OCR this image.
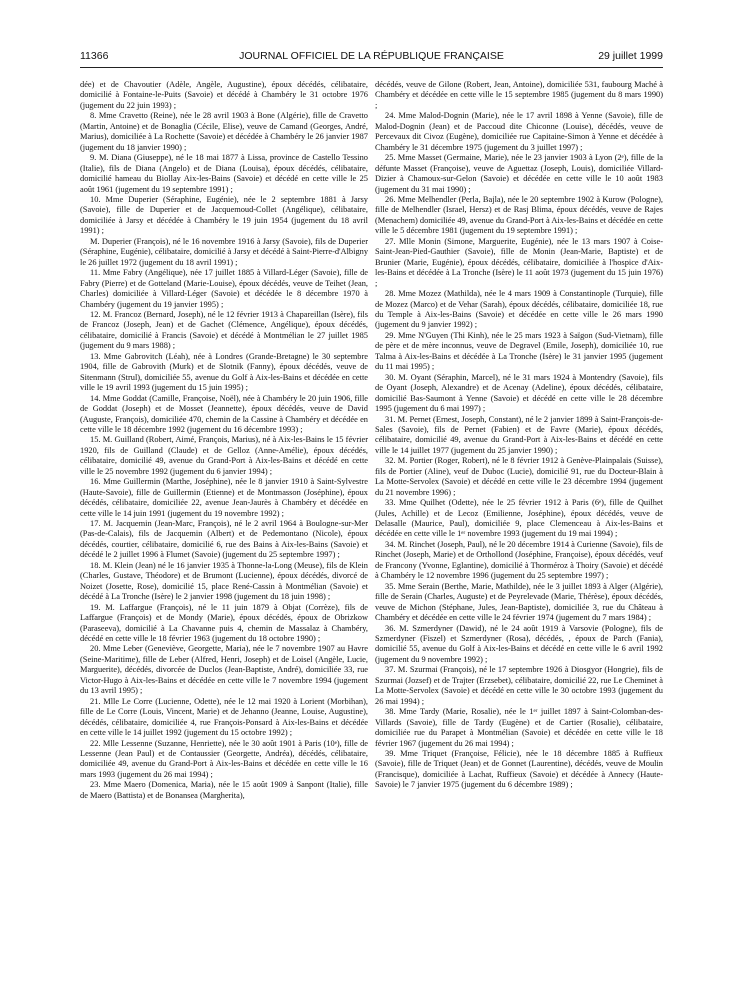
11366	JOURNAL OFFICIEL DE LA RÉPUBLIQUE FRANÇAISE	29 juillet 1999

dée) et de Chavoutier (Adèle, Angèle, Augustine), époux décédés, célibataire, domicilié à Fontaine-le-Puits (Savoie) et décédé à Chambéry le 31 octobre 1976 (jugement du 22 juin 1993) ;

8. Mme Cravetto (Reine), née le 28 avril 1903 à Bone (Algérie), fille de Cravetto (Martin, Antoine) et de Bonaglia (Cécile, Elise), veuve de Camand (Georges, André, Marius), domiciliée à La Rochette (Savoie) et décédée à Chambéry le 26 janvier 1987 (jugement du 18 janvier 1990) ;

9. M. Diana (Giuseppe), né le 18 mai 1877 à Lissa, province de Castello Tessino (Italie), fils de Diana (Angelo) et de Diana (Louisa), époux décédés, célibataire, domicilié hameau du Biollay Aix-les-Bains (Savoie) et décédé en cette ville le 25 août 1961 (jugement du 19 septembre 1991) ;

10. Mme Duperier (Séraphine, Eugénie), née le 2 septembre 1881 à Jarsy (Savoie), fille de Duperier et de Jacquemoud-Collet (Angélique), célibataire, domiciliée à Jarsy et décédée à Chambéry le 19 juin 1954 (jugement du 18 avril 1991) ;

M. Duperier (François), né le 16 novembre 1916 à Jarsy (Savoie), fils de Duperier (Séraphine, Eugénie), célibataire, domicilié à Jarsy et décédé à Saint-Pierre-d'Albigny le 26 juillet 1972 (jugement du 18 avril 1991) ;

11. Mme Fabry (Angélique), née 17 juillet 1885 à Villard-Léger (Savoie), fille de Fabry (Pierre) et de Gotteland (Marie-Louise), époux décédés, veuve de Teihet (Jean, Charles) domiciliée à Villard-Léger (Savoie) et décédée le 8 décembre 1970 à Chambéry (jugement du 19 janvier 1995) ;

12. M. Francoz (Bernard, Joseph), né le 12 février 1913 à Chapareillan (Isère), fils de Francoz (Joseph, Jean) et de Gachet (Clémence, Angélique), époux décédés, célibataire, domicilié à Francis (Savoie) et décédé à Montmélian le 27 juillet 1985 (jugement du 9 mars 1988) ;

13. Mme Gabrovitch (Léah), née à Londres (Grande-Bretagne) le 30 septembre 1904, fille de Gabrovith (Murk) et de Slotnik (Fanny), époux décédés, veuve de Sitenmann (Strul), domiciliée 55, avenue du Golf à Aix-les-Bains et décédée en cette ville le 19 avril 1993 (jugement du 15 juin 1995) ;

14. Mme Goddat (Camille, Françoise, Noël), née à Chambéry le 20 juin 1906, fille de Goddat (Joseph) et de Mosset (Jeannette), époux décédés, veuve de David (Auguste, François), domiciliée 470, chemin de la Cassine à Chambéry et décédée en cette ville le 18 décembre 1992 (jugement du 16 décembre 1993) ;

15. M. Guilland (Robert, Aimé, François, Marius), né à Aix-les-Bains le 15 février 1920, fils de Guilland (Claude) et de Gelloz (Anne-Amélie), époux décédés, célibataire, domicilié 49, avenue du Grand-Port à Aix-les-Bains et décédé en cette ville le 25 novembre 1992 (jugement du 6 janvier 1994) ;

16. Mme Guillermin (Marthe, Joséphine), née le 8 janvier 1910 à Saint-Sylvestre (Haute-Savoie), fille de Guillermin (Etienne) et de Montmasson (Joséphine), époux décédés, célibataire, domiciliée 22, avenue Jean-Jaurès à Chambéry et décédée en cette ville le 14 juin 1991 (jugement du 19 novembre 1992) ;

17. M. Jacquemin (Jean-Marc, François), né le 2 avril 1964 à Boulogne-sur-Mer (Pas-de-Calais), fils de Jacquemin (Albert) et de Pedemontano (Nicole), époux décédés, courtier, célibataire, domicilié 6, rue des Bains à Aix-les-Bains (Savoie) et décédé le 2 juillet 1996 à Flumet (Savoie) (jugement du 25 septembre 1997) ;

18. M. Klein (Jean) né le 16 janvier 1935 à Thonne-la-Long (Meuse), fils de Klein (Charles, Gustave, Théodore) et de Brumont (Lucienne), époux décédés, divorcé de Noizet (Josette, Rose), domicilié 15, place René-Cassin à Montmélian (Savoie) et décédé à La Tronche (Isère) le 2 janvier 1998 (jugement du 18 juin 1998) ;

19. M. Laffargue (François), né le 11 juin 1879 à Objat (Corrèze), fils de Laffargue (François) et de Mondy (Marie), époux décédés, époux de Obrizkow (Paraseeva), domicilié à La Chavanne puis 4, chemin de Massalaz à Chambéry, décédé en cette ville le 18 février 1963 (jugement du 18 octobre 1990) ;

20. Mme Leber (Geneviève, Georgette, Maria), née le 7 novembre 1907 au Havre (Seine-Maritime), fille de Leber (Alfred, Henri, Joseph) et de Loisel (Angèle, Lucie, Marguerite), décédés, divorcée de Duclos (Jean-Baptiste, André), domiciliée 33, rue Victor-Hugo à Aix-les-Bains et décédée en cette ville le 7 novembre 1994 (jugement du 13 avril 1995) ;

21. Mlle Le Corre (Lucienne, Odette), née le 12 mai 1920 à Lorient (Morbihan), fille de Le Corre (Louis, Vincent, Marie) et de Jehanno (Jeanne, Louise, Augustine), décédés, célibataire, domiciliée 4, rue François-Ponsard à Aix-les-Bains et décédée en cette ville le 14 juillet 1992 (jugement du 15 octobre 1992) ;

22. Mlle Lessenne (Suzanne, Henriette), née le 30 août 1901 à Paris (10ᵉ), fille de Lessenne (Jean Paul) et de Contaussier (Georgette, Andréa), décédés, célibataire, domiciliée 49, avenue du Grand-Port à Aix-les-Bains et décédée en cette ville le 16 mars 1993 (jugement du 26 mai 1994) ;

23. Mme Maero (Domenica, Maria), née le 15 août 1909 à Sanpont (Italie), fille de Maero (Battista) et de Bonansea (Margherita),

décédés, veuve de Gilone (Robert, Jean, Antoine), domiciliée 531, faubourg Maché à Chambéry et décédée en cette ville le 15 septembre 1985 (jugement du 8 mars 1990) ;

24. Mme Malod-Dognin (Marie), née le 17 avril 1898 à Yenne (Savoie), fille de Malod-Dognin (Jean) et de Paccoud dite Chiconne (Louise), décédés, veuve de Percevaux dit Civoz (Eugène), domiciliée rue Capitaine-Simon à Yenne et décédée à Chambéry le 31 décembre 1975 (jugement du 3 juillet 1997) ;

25. Mme Masset (Germaine, Marie), née le 23 janvier 1903 à Lyon (2ᵉ), fille de la défunte Masset (Françoise), veuve de Aguettaz (Joseph, Louis), domiciliée Villard-Dizier à Chamoux-sur-Gelon (Savoie) et décédée en cette ville le 10 août 1983 (jugement du 31 mai 1990) ;

26. Mme Melhendler (Perla, Bajla), née le 20 septembre 1902 à Kurow (Pologne), fille de Melhendler (Israel, Hersz) et de Rasj Blima, époux décédés, veuve de Rajes (Menachem) domiciliée 49, avenue du Grand-Port à Aix-les-Bains et décédée en cette ville le 5 décembre 1981 (jugement du 19 septembre 1991) ;

27. Mlle Monin (Simone, Marguerite, Eugénie), née le 13 mars 1907 à Coise-Saint-Jean-Pied-Gauthier (Savoie), fille de Monin (Jean-Marie, Baptiste) et de Brunier (Marie, Eugénie), époux décédés, célibataire, domiciliée à l'hospice d'Aix-les-Bains et décédée à La Tronche (Isère) le 11 août 1973 (jugement du 15 juin 1976) ;

28. Mme Mozez (Mathilda), née le 4 mars 1909 à Constantinople (Turquie), fille de Mozez (Marco) et de Vehar (Sarah), époux décédés, célibataire, domiciliée 18, rue du Temple à Aix-les-Bains (Savoie) et décédée en cette ville le 26 mars 1990 (jugement du 9 janvier 1992) ;

29. Mme N'Guyen (Thi Kinh), née le 25 mars 1923 à Saïgon (Sud-Vietnam), fille de père et de mère inconnus, veuve de Degravel (Emile, Joseph), domiciliée 10, rue Talma à Aix-les-Bains et décédée à La Tronche (Isère) le 31 janvier 1995 (jugement du 11 mai 1995) ;

30. M. Oyant (Séraphin, Marcel), né le 31 mars 1924 à Montendry (Savoie), fils de Oyant (Joseph, Alexandre) et de Acenay (Adeline), époux décédés, célibataire, domicilié Bas-Saumont à Yenne (Savoie) et décédé en cette ville le 28 décembre 1995 (jugement du 6 mai 1997) ;

31. M. Pernet (Ernest, Joseph, Constant), né le 2 janvier 1899 à Saint-François-de-Sales (Savoie), fils de Pernet (Fabien) et de Favre (Marie), époux décédés, célibataire, domicilié 49, avenue du Grand-Port à Aix-les-Bains et décédé en cette ville le 14 juillet 1977 (jugement du 25 janvier 1990) ;

32. M. Portier (Roger, Robert), né le 8 février 1912 à Genève-Plainpalais (Suisse), fils de Portier (Aline), veuf de Duboc (Lucie), domicilié 91, rue du Docteur-Blain à La Motte-Servolex (Savoie) et décédé en cette ville le 23 décembre 1994 (jugement du 21 novembre 1996) ;

33. Mme Quilhet (Odette), née le 25 février 1912 à Paris (6ᵉ), fille de Quilhet (Jules, Achille) et de Lecoz (Emilienne, Joséphine), époux décédés, veuve de Delasalle (Maurice, Paul), domiciliée 9, place Clemenceau à Aix-les-Bains et décédée en cette ville le 1ᵉʳ novembre 1993 (jugement du 19 mai 1994) ;

34. M. Rinchet (Joseph, Paul), né le 20 décembre 1914 à Curienne (Savoie), fils de Rinchet (Joseph, Marie) et de Orthollond (Joséphine, Françoise), époux décédés, veuf de Francony (Yvonne, Eglantine), domicilié à Thorméroz à Thoiry (Savoie) et décédé à Chambéry le 12 novembre 1996 (jugement du 25 septembre 1997) ;

35. Mme Serain (Berthe, Marie, Mathilde), née le 3 juillet 1893 à Alger (Algérie), fille de Serain (Charles, Auguste) et de Peyrelevade (Marie, Thérèse), époux décédés, veuve de Michon (Stéphane, Jules, Jean-Baptiste), domiciliée 3, rue du Château à Chambéry et décédée en cette ville le 24 février 1974 (jugement du 7 mars 1984) ;

36. M. Szmerdyner (Dawid), né le 24 août 1919 à Varsovie (Pologne), fils de Szmerdyner (Fiszel) et Szmerdyner (Rosa), décédés, , époux de Parch (Fania), domicilié 55, avenue du Golf à Aix-les-Bains et décédé en cette ville le 6 avril 1992 (jugement du 9 novembre 1992) ;

37. M. Szurmai (François), né le 17 septembre 1926 à Diosgyor (Hongrie), fils de Szurmai (Jozsef) et de Trajter (Erzsebet), célibataire, domicilié 22, rue Le Cheminet à La Motte-Servolex (Savoie) et décédé en cette ville le 30 octobre 1993 (jugement du 26 mai 1994) ;

38. Mme Tardy (Marie, Rosalie), née le 1ᵉʳ juillet 1897 à Saint-Colomban-des-Villards (Savoie), fille de Tardy (Eugène) et de Cartier (Rosalie), célibataire, domiciliée rue du Parapet à Montmélian (Savoie) et décédée en cette ville le 18 février 1967 (jugement du 26 mai 1994) ;

39. Mme Triquet (Françoise, Félicie), née le 18 décembre 1885 à Ruffieux (Savoie), fille de Triquet (Jean) et de Gonnet (Laurentine), décédés, veuve de Moulin (Francisque), domiciliée à Lachat, Ruffieux (Savoie) et décédée à Annecy (Haute-Savoie) le 7 janvier 1975 (jugement du 6 décembre 1989) ;
